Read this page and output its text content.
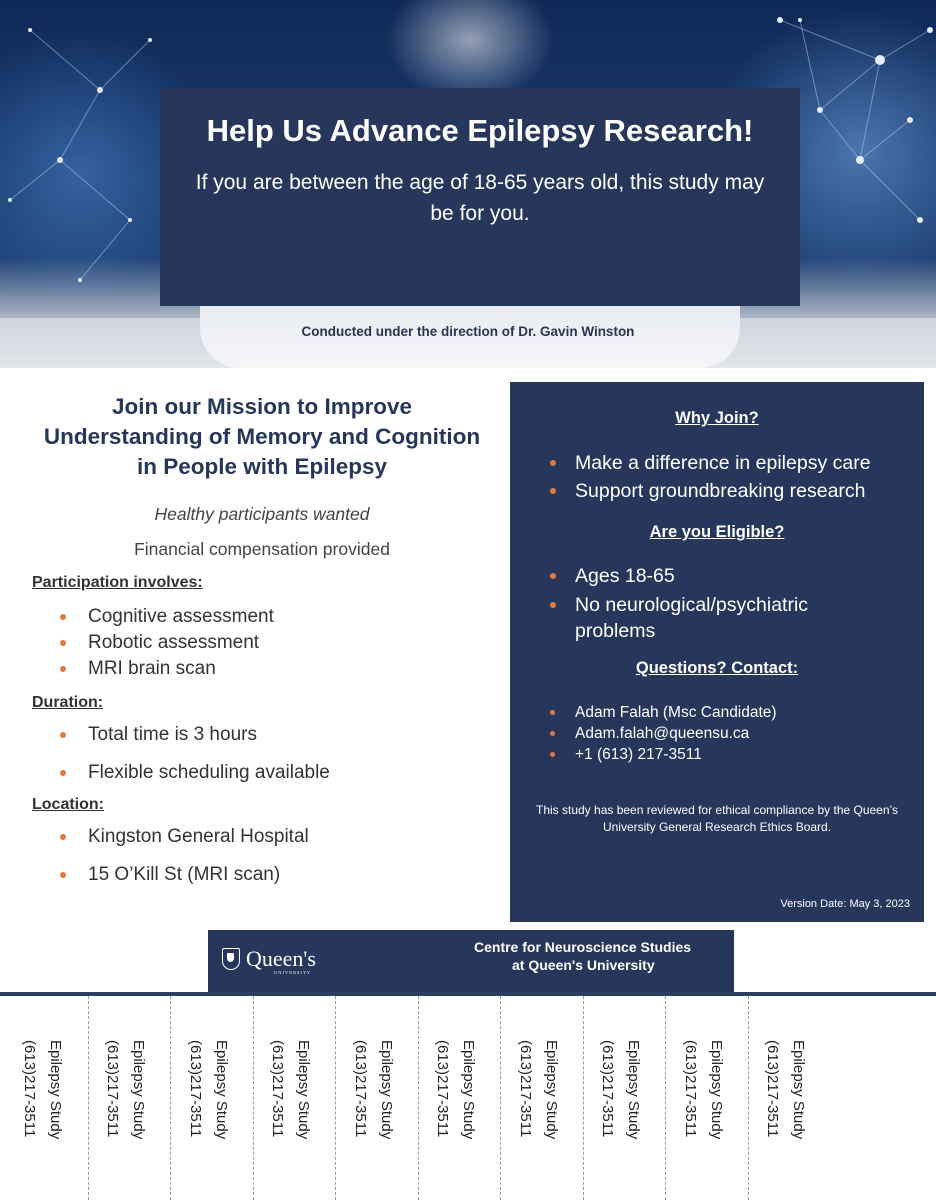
Help Us Advance Epilepsy Research!

If you are between the age of 18-65 years old, this study may be for you.

Conducted under the direction of Dr. Gavin Winston
Join our Mission to Improve Understanding of Memory and Cognition in People with Epilepsy
Healthy participants wanted
Financial compensation provided
Participation involves:
Cognitive assessment
Robotic assessment
MRI brain scan
Duration:
Total time is 3 hours
Flexible scheduling available
Location:
Kingston General Hospital
15 O’Kill St (MRI scan)
Why Join?
Make a difference in epilepsy care
Support groundbreaking research
Are you Eligible?
Ages 18-65
No neurological/psychiatric problems
Questions? Contact:
Adam Falah (Msc Candidate)
Adam.falah@queensu.ca
+1 (613) 217-3511
This study has been reviewed for ethical compliance by the Queen’s University General Research Ethics Board.
Version Date: May 3, 2023
Queen's
UNIVERSITY
Centre for Neuroscience Studies
at Queen's University
Epilepsy Study
(613)217-3511	Epilepsy Study
(613)217-3511	Epilepsy Study
(613)217-3511	Epilepsy Study
(613)217-3511	Epilepsy Study
(613)217-3511	Epilepsy Study
(613)217-3511	Epilepsy Study
(613)217-3511	Epilepsy Study
(613)217-3511	Epilepsy Study
(613)217-3511	Epilepsy Study
(613)217-3511
